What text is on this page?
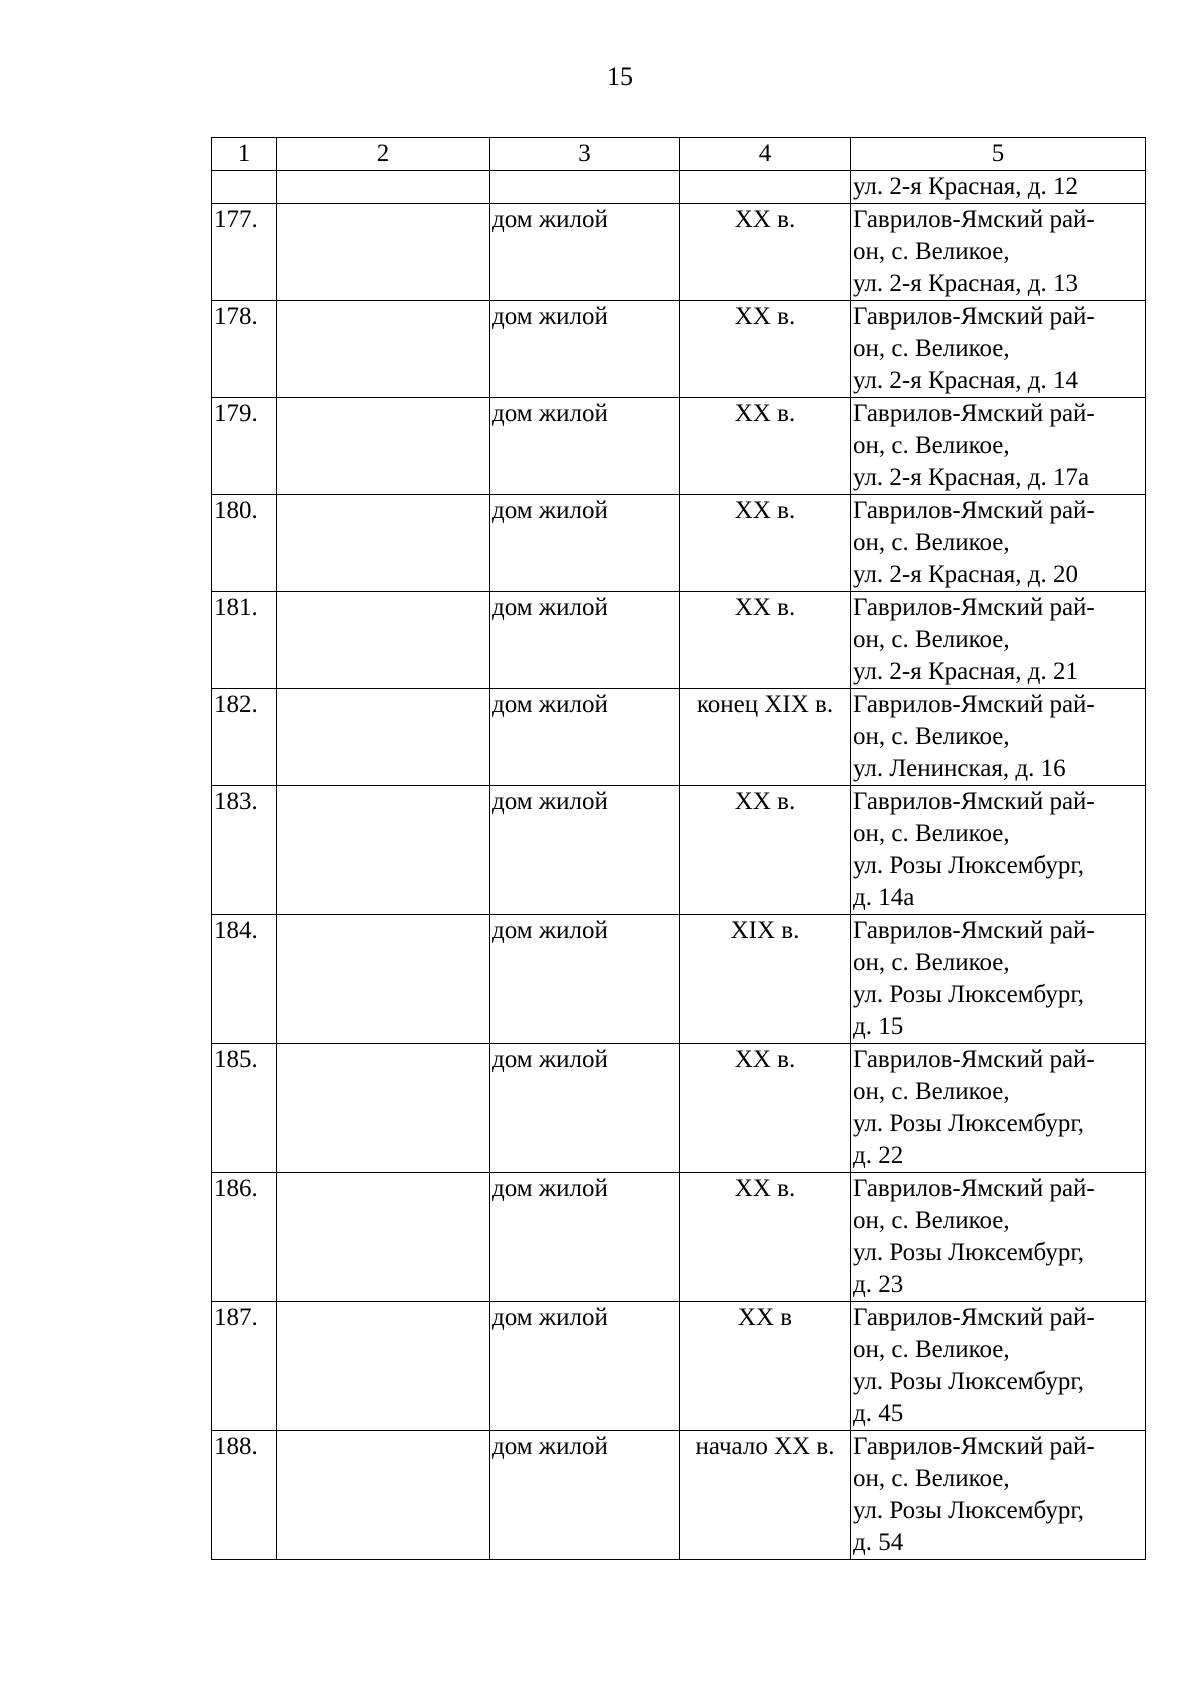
15
1	2	3	4	5
				ул. 2-я Красная, д. 12
177.		дом жилой	XX в.	Гаврилов-Ямский рай-
он, с. Великое,
ул. 2-я Красная, д. 13
178.		дом жилой	XX в.	Гаврилов-Ямский рай-
он, с. Великое,
ул. 2-я Красная, д. 14
179.		дом жилой	XX в.	Гаврилов-Ямский рай-
он, с. Великое,
ул. 2-я Красная, д. 17а
180.		дом жилой	XX в.	Гаврилов-Ямский рай-
он, с. Великое,
ул. 2-я Красная, д. 20
181.		дом жилой	XX в.	Гаврилов-Ямский рай-
он, с. Великое,
ул. 2-я Красная, д. 21
182.		дом жилой	конец XIX в.	Гаврилов-Ямский рай-
он, с. Великое,
ул. Ленинская, д. 16
183.		дом жилой	XX в.	Гаврилов-Ямский рай-
он, с. Великое,
ул. Розы Люксембург,
д. 14а
184.		дом жилой	XIX в.	Гаврилов-Ямский рай-
он, с. Великое,
ул. Розы Люксембург,
д. 15
185.		дом жилой	XX в.	Гаврилов-Ямский рай-
он, с. Великое,
ул. Розы Люксембург,
д. 22
186.		дом жилой	XX в.	Гаврилов-Ямский рай-
он, с. Великое,
ул. Розы Люксембург,
д. 23
187.		дом жилой	XX в	Гаврилов-Ямский рай-
он, с. Великое,
ул. Розы Люксембург,
д. 45
188.		дом жилой	начало XX в.	Гаврилов-Ямский рай-
он, с. Великое,
ул. Розы Люксембург,
д. 54
